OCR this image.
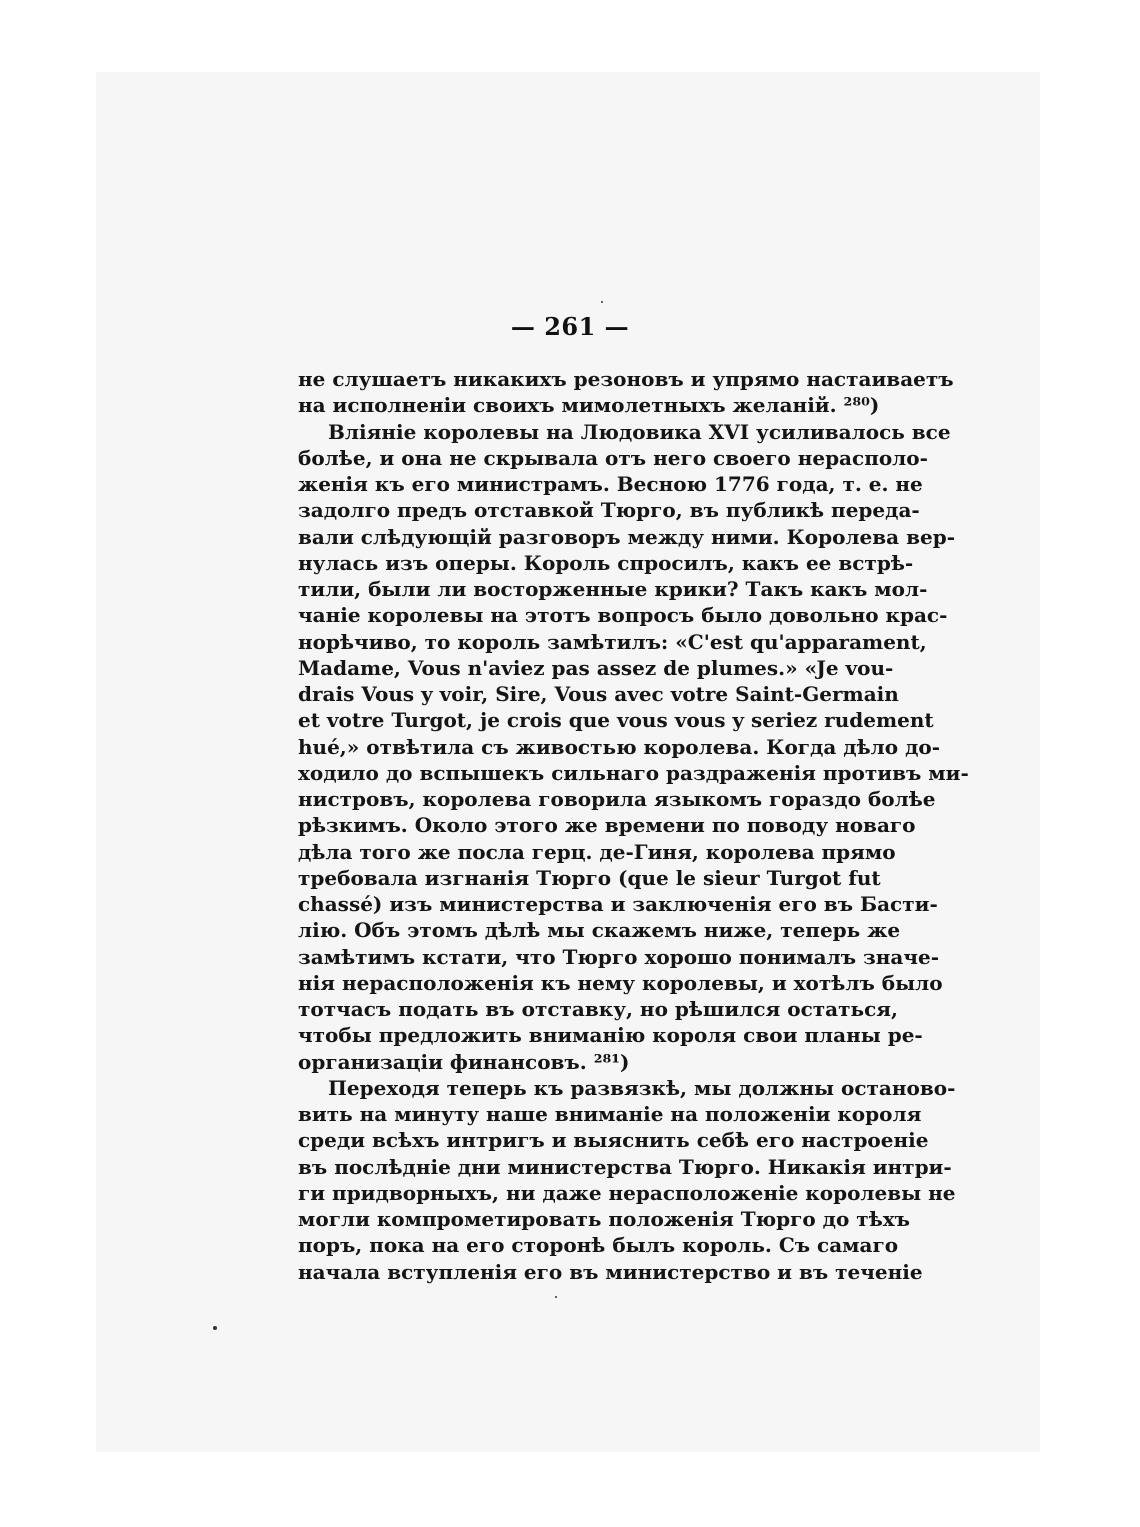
— 261 —
не слушаетъ никакихъ резоновъ и упрямо настаиваетъ
на исполненіи своихъ мимолетныхъ желаній. ²⁸⁰)
Вліяніе королевы на Людовика XVI усиливалось все
болѣе, и она не скрывала отъ него своего нерасполо-
женія къ его министрамъ. Весною 1776 года, т. е. не
задолго предъ отставкой Тюрго, въ публикѣ переда-
вали слѣдующій разговоръ между ними. Королева вер-
нулась изъ оперы. Король спросилъ, какъ ее встрѣ-
тили, были ли восторженные крики? Такъ какъ мол-
чаніе королевы на этотъ вопросъ было довольно крас-
норѣчиво, то король замѣтилъ: «C'est qu'apparament,
Madame, Vous n'aviez pas assez de plumes.» «Je vou-
drais Vous y voir, Sire, Vous avec votre Saint-Germain
et votre Turgot, je crois que vous vous y seriez rudement
hué,» отвѣтила съ живостью королева. Когда дѣло до-
ходило до вспышекъ сильнаго раздраженія противъ ми-
нистровъ, королева говорила языкомъ гораздо болѣе
рѣзкимъ. Около этого же времени по поводу новаго
дѣла того же посла герц. де-Гиня, королева прямо
требовала изгнанія Тюрго (que le sieur Turgot fut
chassé) изъ министерства и заключенія его въ Басти-
лію. Объ этомъ дѣлѣ мы скажемъ ниже, теперь же
замѣтимъ кстати, что Тюрго хорошо понималъ значе-
нія нерасположенія къ нему королевы, и хотѣлъ было
тотчасъ подать въ отставку, но рѣшился остаться,
чтобы предложить вниманію короля свои планы ре-
организаціи финансовъ. ²⁸¹)
Переходя теперь къ развязкѣ, мы должны останово-
вить на минуту наше вниманіе на положеніи короля
среди всѣхъ интригъ и выяснить себѣ его настроеніе
въ послѣдніе дни министерства Тюрго. Никакія интри-
ги придворныхъ, ни даже нерасположеніе королевы не
могли компрометировать положенія Тюрго до тѣхъ
поръ, пока на его сторонѣ былъ король. Съ самаго
начала вступленія его въ министерство и въ теченіе
